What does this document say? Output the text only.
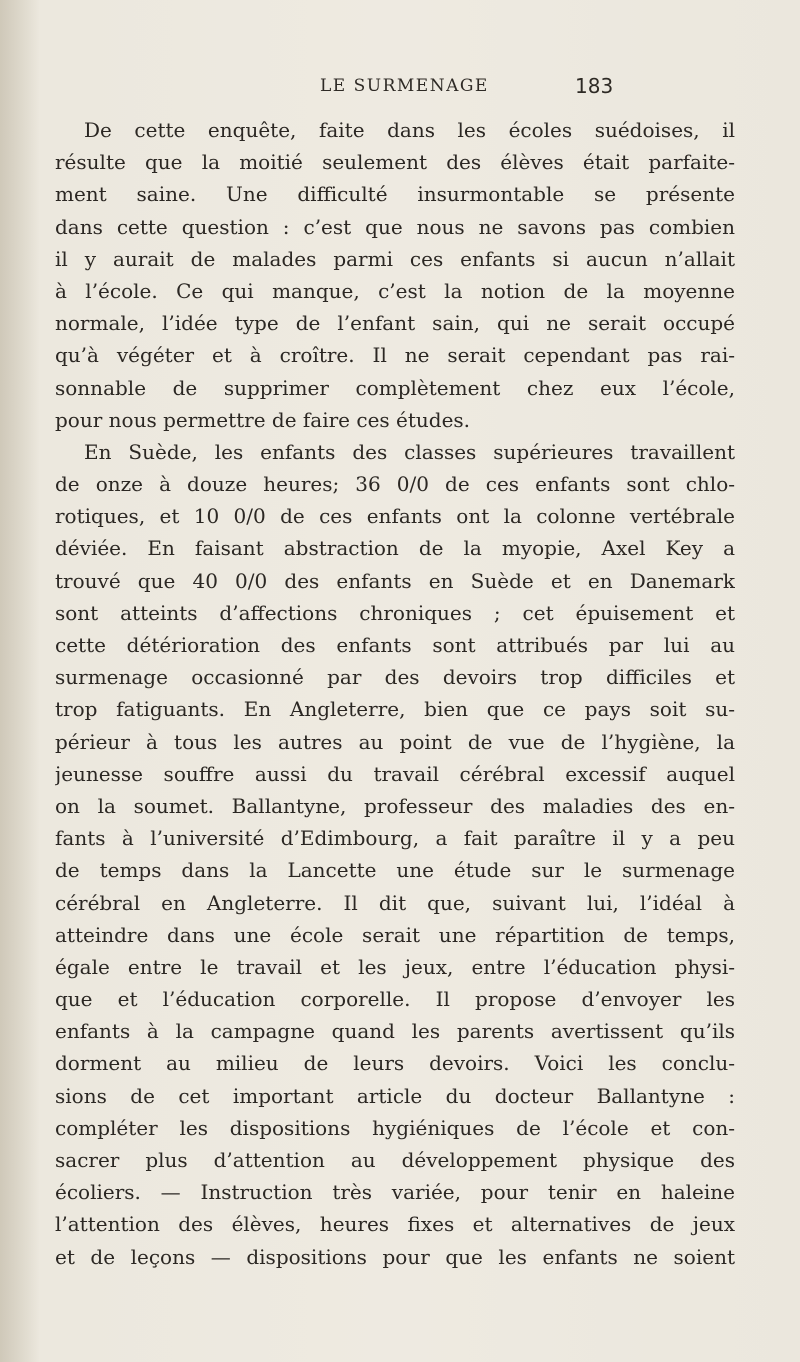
LE SURMENAGE	183
De cette enquête, faite dans les écoles suédoises, il
résulte que la moitié seulement des élèves était parfaite-
ment saine. Une difficulté insurmontable se présente
dans cette question : c’est que nous ne savons pas combien
il y aurait de malades parmi ces enfants si aucun n’allait
à l’école. Ce qui manque, c’est la notion de la moyenne
normale, l’idée type de l’enfant sain, qui ne serait occupé
qu’à végéter et à croître. Il ne serait cependant pas rai-
sonnable de supprimer complètement chez eux l’école,
pour nous permettre de faire ces études.
En Suède, les enfants des classes supérieures travaillent
de onze à douze heures; 36 0/0 de ces enfants sont chlo-
rotiques, et 10 0/0 de ces enfants ont la colonne vertébrale
déviée. En faisant abstraction de la myopie, Axel Key a
trouvé que 40 0/0 des enfants en Suède et en Danemark
sont atteints d’affections chroniques ; cet épuisement et
cette détérioration des enfants sont attribués par lui au
surmenage occasionné par des devoirs trop difficiles et
trop fatiguants. En Angleterre, bien que ce pays soit su-
périeur à tous les autres au point de vue de l’hygiène, la
jeunesse souffre aussi du travail cérébral excessif auquel
on la soumet. Ballantyne, professeur des maladies des en-
fants à l’université d’Edimbourg, a fait paraître il y a peu
de temps dans la Lancette une étude sur le surmenage
cérébral en Angleterre. Il dit que, suivant lui, l’idéal à
atteindre dans une école serait une répartition de temps,
égale entre le travail et les jeux, entre l’éducation physi-
que et l’éducation corporelle. Il propose d’envoyer les
enfants à la campagne quand les parents avertissent qu’ils
dorment au milieu de leurs devoirs. Voici les conclu-
sions de cet important article du docteur Ballantyne :
compléter les dispositions hygiéniques de l’école et con-
sacrer plus d’attention au développement physique des
écoliers. — Instruction très variée, pour tenir en haleine
l’attention des élèves, heures fixes et alternatives de jeux
et de leçons — dispositions pour que les enfants ne soient
